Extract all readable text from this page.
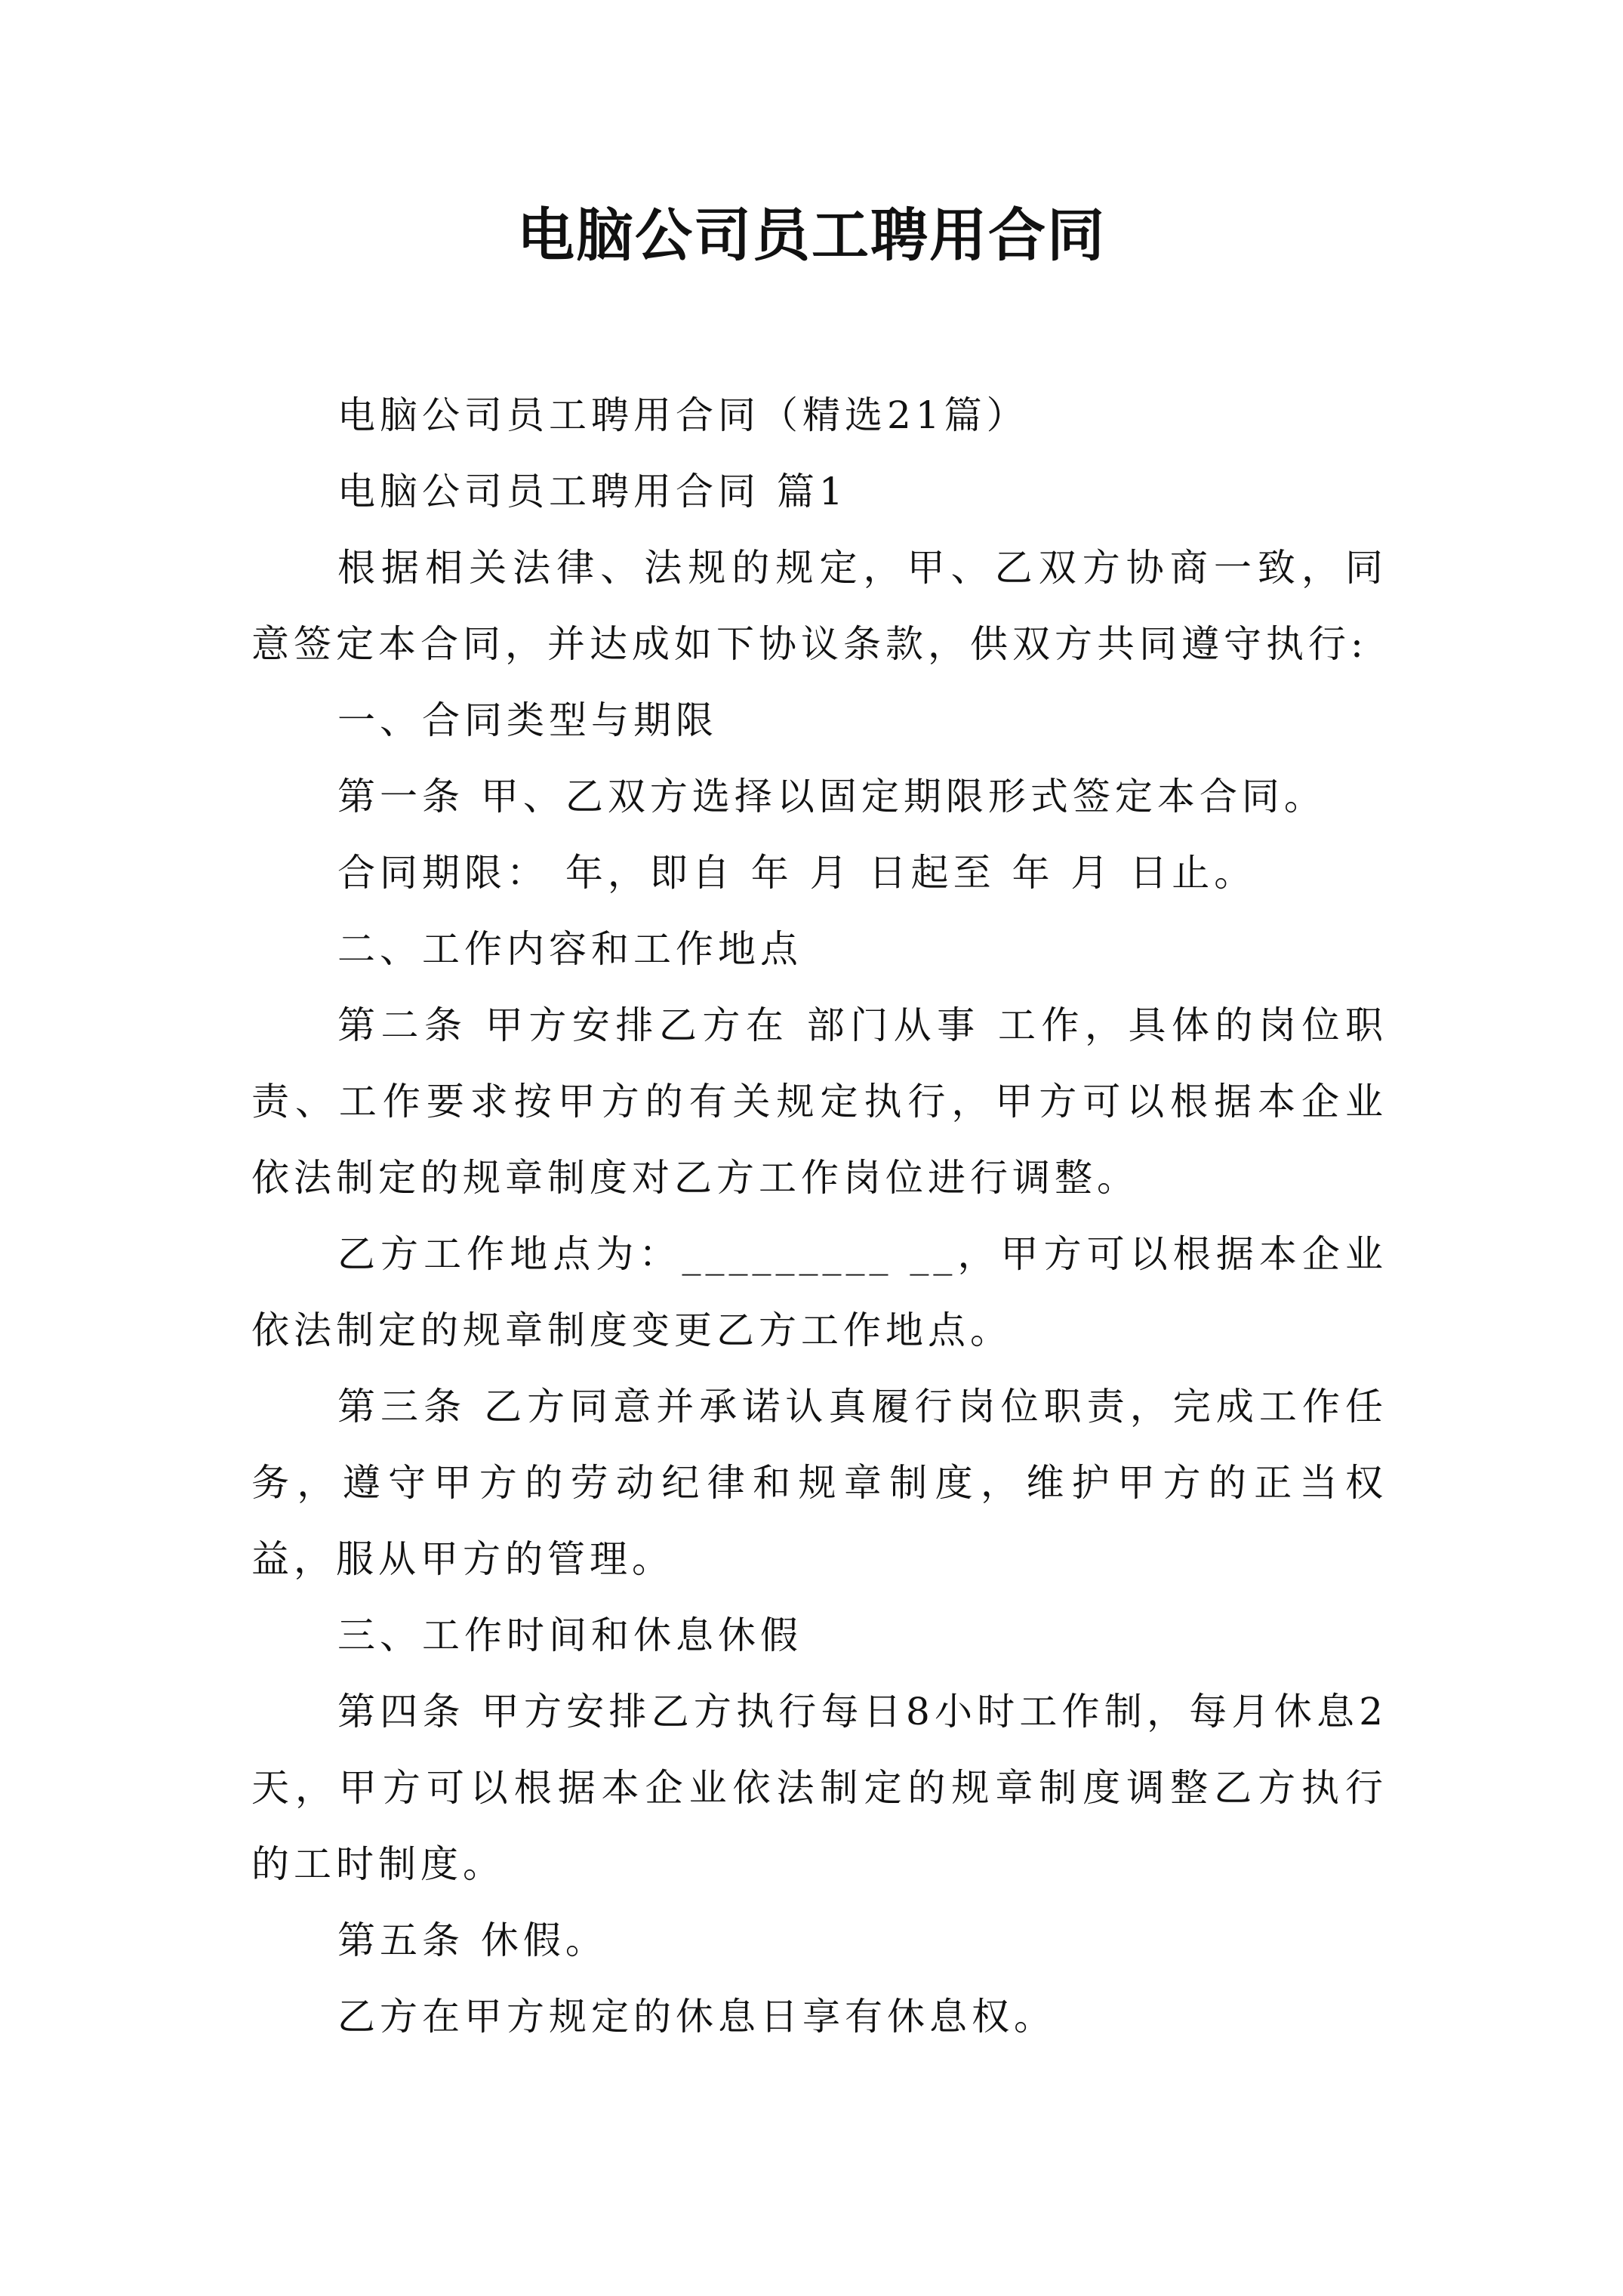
电脑公司员工聘用合同

电脑公司员工聘用合同（精选21篇）

电脑公司员工聘用合同 篇1

根据相关法律、法规的规定，甲、乙双方协商一致，同意签定本合同，并达成如下协议条款，供双方共同遵守执行:

一、合同类型与期限

第一条 甲、乙双方选择以固定期限形式签定本合同。

合同期限： 年，即自 年 月 日起至 年 月 日止。

二、工作内容和工作地点

第二条 甲方安排乙方在 部门从事 工作，具体的岗位职责、工作要求按甲方的有关规定执行，甲方可以根据本企业依法制定的规章制度对乙方工作岗位进行调整。

乙方工作地点为：_________ __，甲方可以根据本企业依法制定的规章制度变更乙方工作地点。

第三条 乙方同意并承诺认真履行岗位职责，完成工作任务，遵守甲方的劳动纪律和规章制度，维护甲方的正当权益，服从甲方的管理。

三、工作时间和休息休假

第四条 甲方安排乙方执行每日8小时工作制，每月休息2天，甲方可以根据本企业依法制定的规章制度调整乙方执行的工时制度。

第五条 休假。

乙方在甲方规定的休息日享有休息权。
